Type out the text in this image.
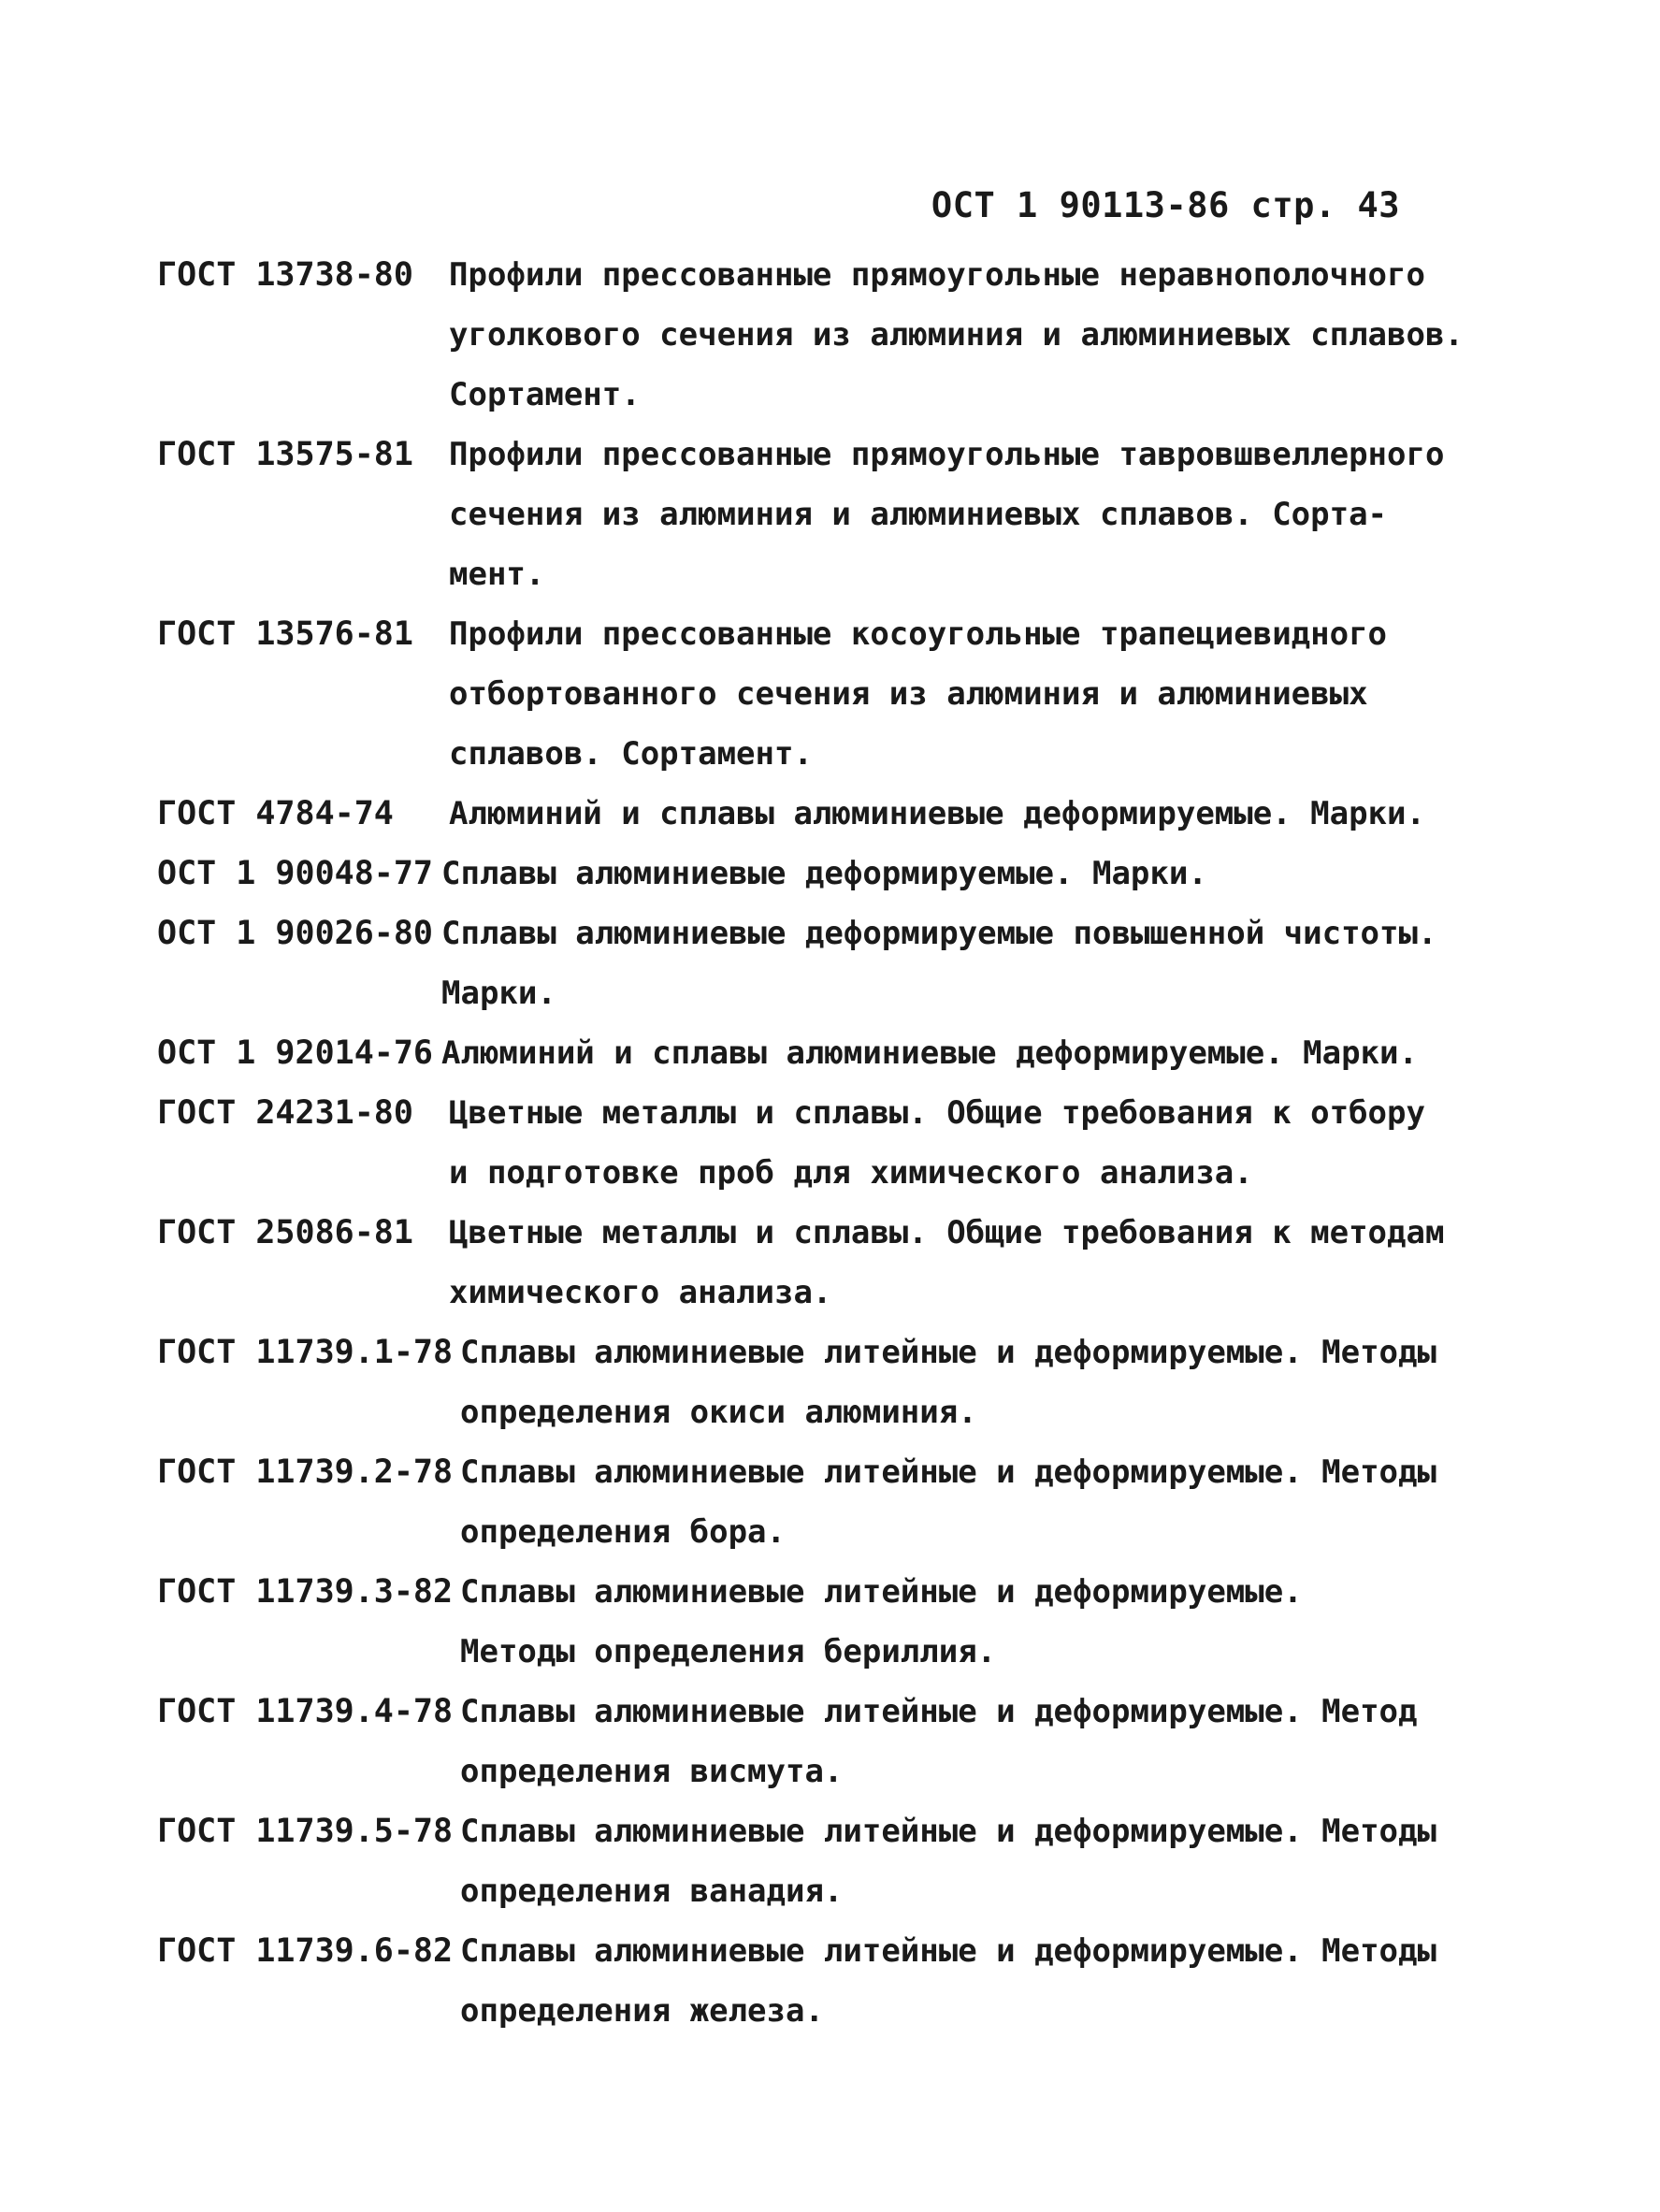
ОСТ 1 90113-86 стр. 43
ГОСТ 13738-80	Профили прессованные прямоугольные неравнополочного
уголкового сечения из алюминия и алюминиевых сплавов.
Сортамент.
ГОСТ 13575-81	Профили прессованные прямоугольные тавровшвеллерного
сечения из алюминия и алюминиевых сплавов. Сорта-
мент.
ГОСТ 13576-81	Профили прессованные косоугольные трапециевидного
отбортованного сечения из алюминия и алюминиевых
сплавов. Сортамент.
ГОСТ 4784-74	Алюминий и сплавы алюминиевые деформируемые. Марки.
ОСТ 1 90048-77 Сплавы алюминиевые деформируемые. Марки.
ОСТ 1 90026-80 Сплавы алюминиевые деформируемые повышенной чистоты.
Марки.
ОСТ 1 92014-76 Алюминий и сплавы алюминиевые деформируемые. Марки.
ГОСТ 24231-80	Цветные металлы и сплавы. Общие требования к отбору
и подготовке проб для химического анализа.
ГОСТ 25086-81	Цветные металлы и сплавы. Общие требования к методам
химического анализа.
ГОСТ 11739.1-78 Сплавы алюминиевые литейные и деформируемые. Методы
определения окиси алюминия.
ГОСТ 11739.2-78 Сплавы алюминиевые литейные и деформируемые. Методы
определения бора.
ГОСТ 11739.3-82 Сплавы алюминиевые литейные и деформируемые.
Методы определения бериллия.
ГОСТ 11739.4-78 Сплавы алюминиевые литейные и деформируемые. Метод
определения висмута.
ГОСТ 11739.5-78 Сплавы алюминиевые литейные и деформируемые. Методы
определения ванадия.
ГОСТ 11739.6-82 Сплавы алюминиевые литейные и деформируемые. Методы
определения железа.
